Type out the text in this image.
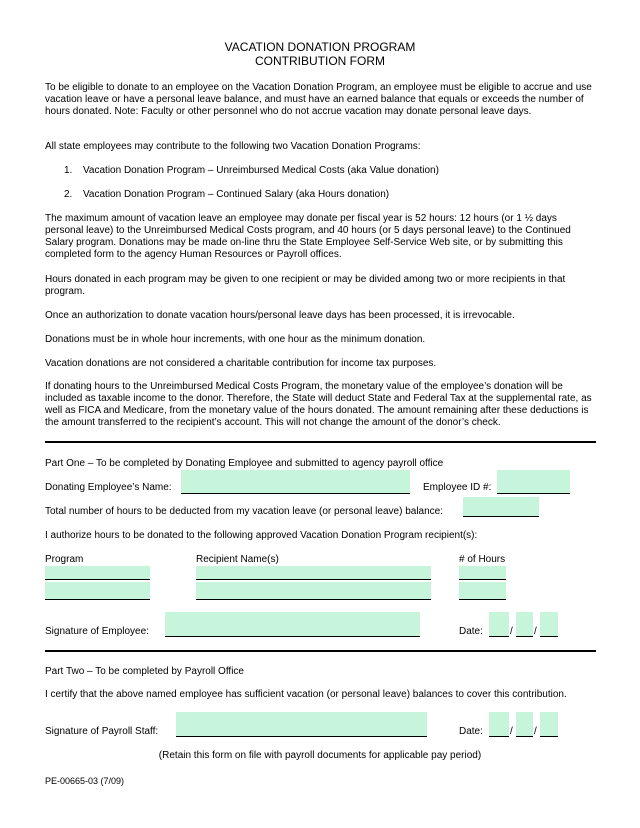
VACATION DONATION PROGRAM
CONTRIBUTION FORM
To be eligible to donate to an employee on the Vacation Donation Program, an employee must be eligible to accrue and use vacation leave or have a personal leave balance, and must have an earned balance that equals or exceeds the number of hours donated. Note: Faculty or other personnel who do not accrue vacation may donate personal leave days.
All state employees may contribute to the following two Vacation Donation Programs:
1. Vacation Donation Program – Unreimbursed Medical Costs (aka Value donation)
2. Vacation Donation Program – Continued Salary (aka Hours donation)
The maximum amount of vacation leave an employee may donate per fiscal year is 52 hours: 12 hours (or 1 ½ days personal leave) to the Unreimbursed Medical Costs program, and 40 hours (or 5 days personal leave) to the Continued Salary program. Donations may be made on-line thru the State Employee Self-Service Web site, or by submitting this completed form to the agency Human Resources or Payroll offices.
Hours donated in each program may be given to one recipient or may be divided among two or more recipients in that program.
Once an authorization to donate vacation hours/personal leave days has been processed, it is irrevocable.
Donations must be in whole hour increments, with one hour as the minimum donation.
Vacation donations are not considered a charitable contribution for income tax purposes.
If donating hours to the Unreimbursed Medical Costs Program, the monetary value of the employee’s donation will be included as taxable income to the donor. Therefore, the State will deduct State and Federal Tax at the supplemental rate, as well as FICA and Medicare, from the monetary value of the hours donated. The amount remaining after these deductions is the amount transferred to the recipient’s account. This will not change the amount of the donor’s check.
Part One – To be completed by Donating Employee and submitted to agency payroll office
Donating Employee’s Name:	Employee ID #:
Total number of hours to be deducted from my vacation leave (or personal leave) balance:
I authorize hours to be donated to the following approved Vacation Donation Program recipient(s):
Program	Recipient Name(s)	# of Hours
Signature of Employee:	Date:	/ /
Part Two – To be completed by Payroll Office
I certify that the above named employee has sufficient vacation (or personal leave) balances to cover this contribution.
Signature of Payroll Staff:	Date:	/ /
(Retain this form on file with payroll documents for applicable pay period)
PE-00665-03 (7/09)
